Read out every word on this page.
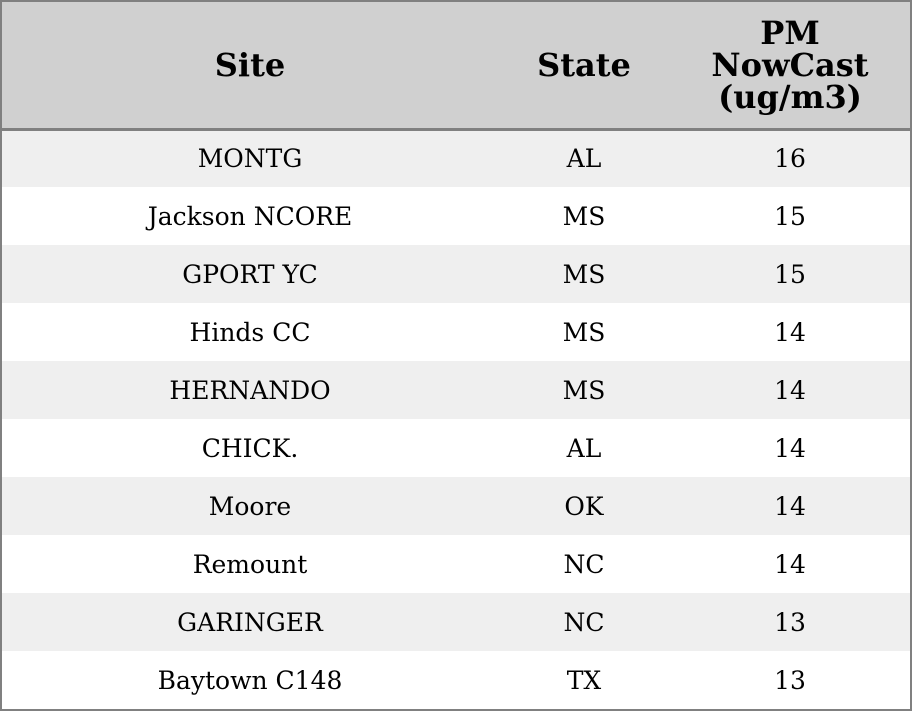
Site	State	PM
NowCast
(ug/m3)
MONTG	AL	16
Jackson NCORE	MS	15
GPORT YC	MS	15
Hinds CC	MS	14
HERNANDO	MS	14
CHICK.	AL	14
Moore	OK	14
Remount	NC	14
GARINGER	NC	13
Baytown C148	TX	13
